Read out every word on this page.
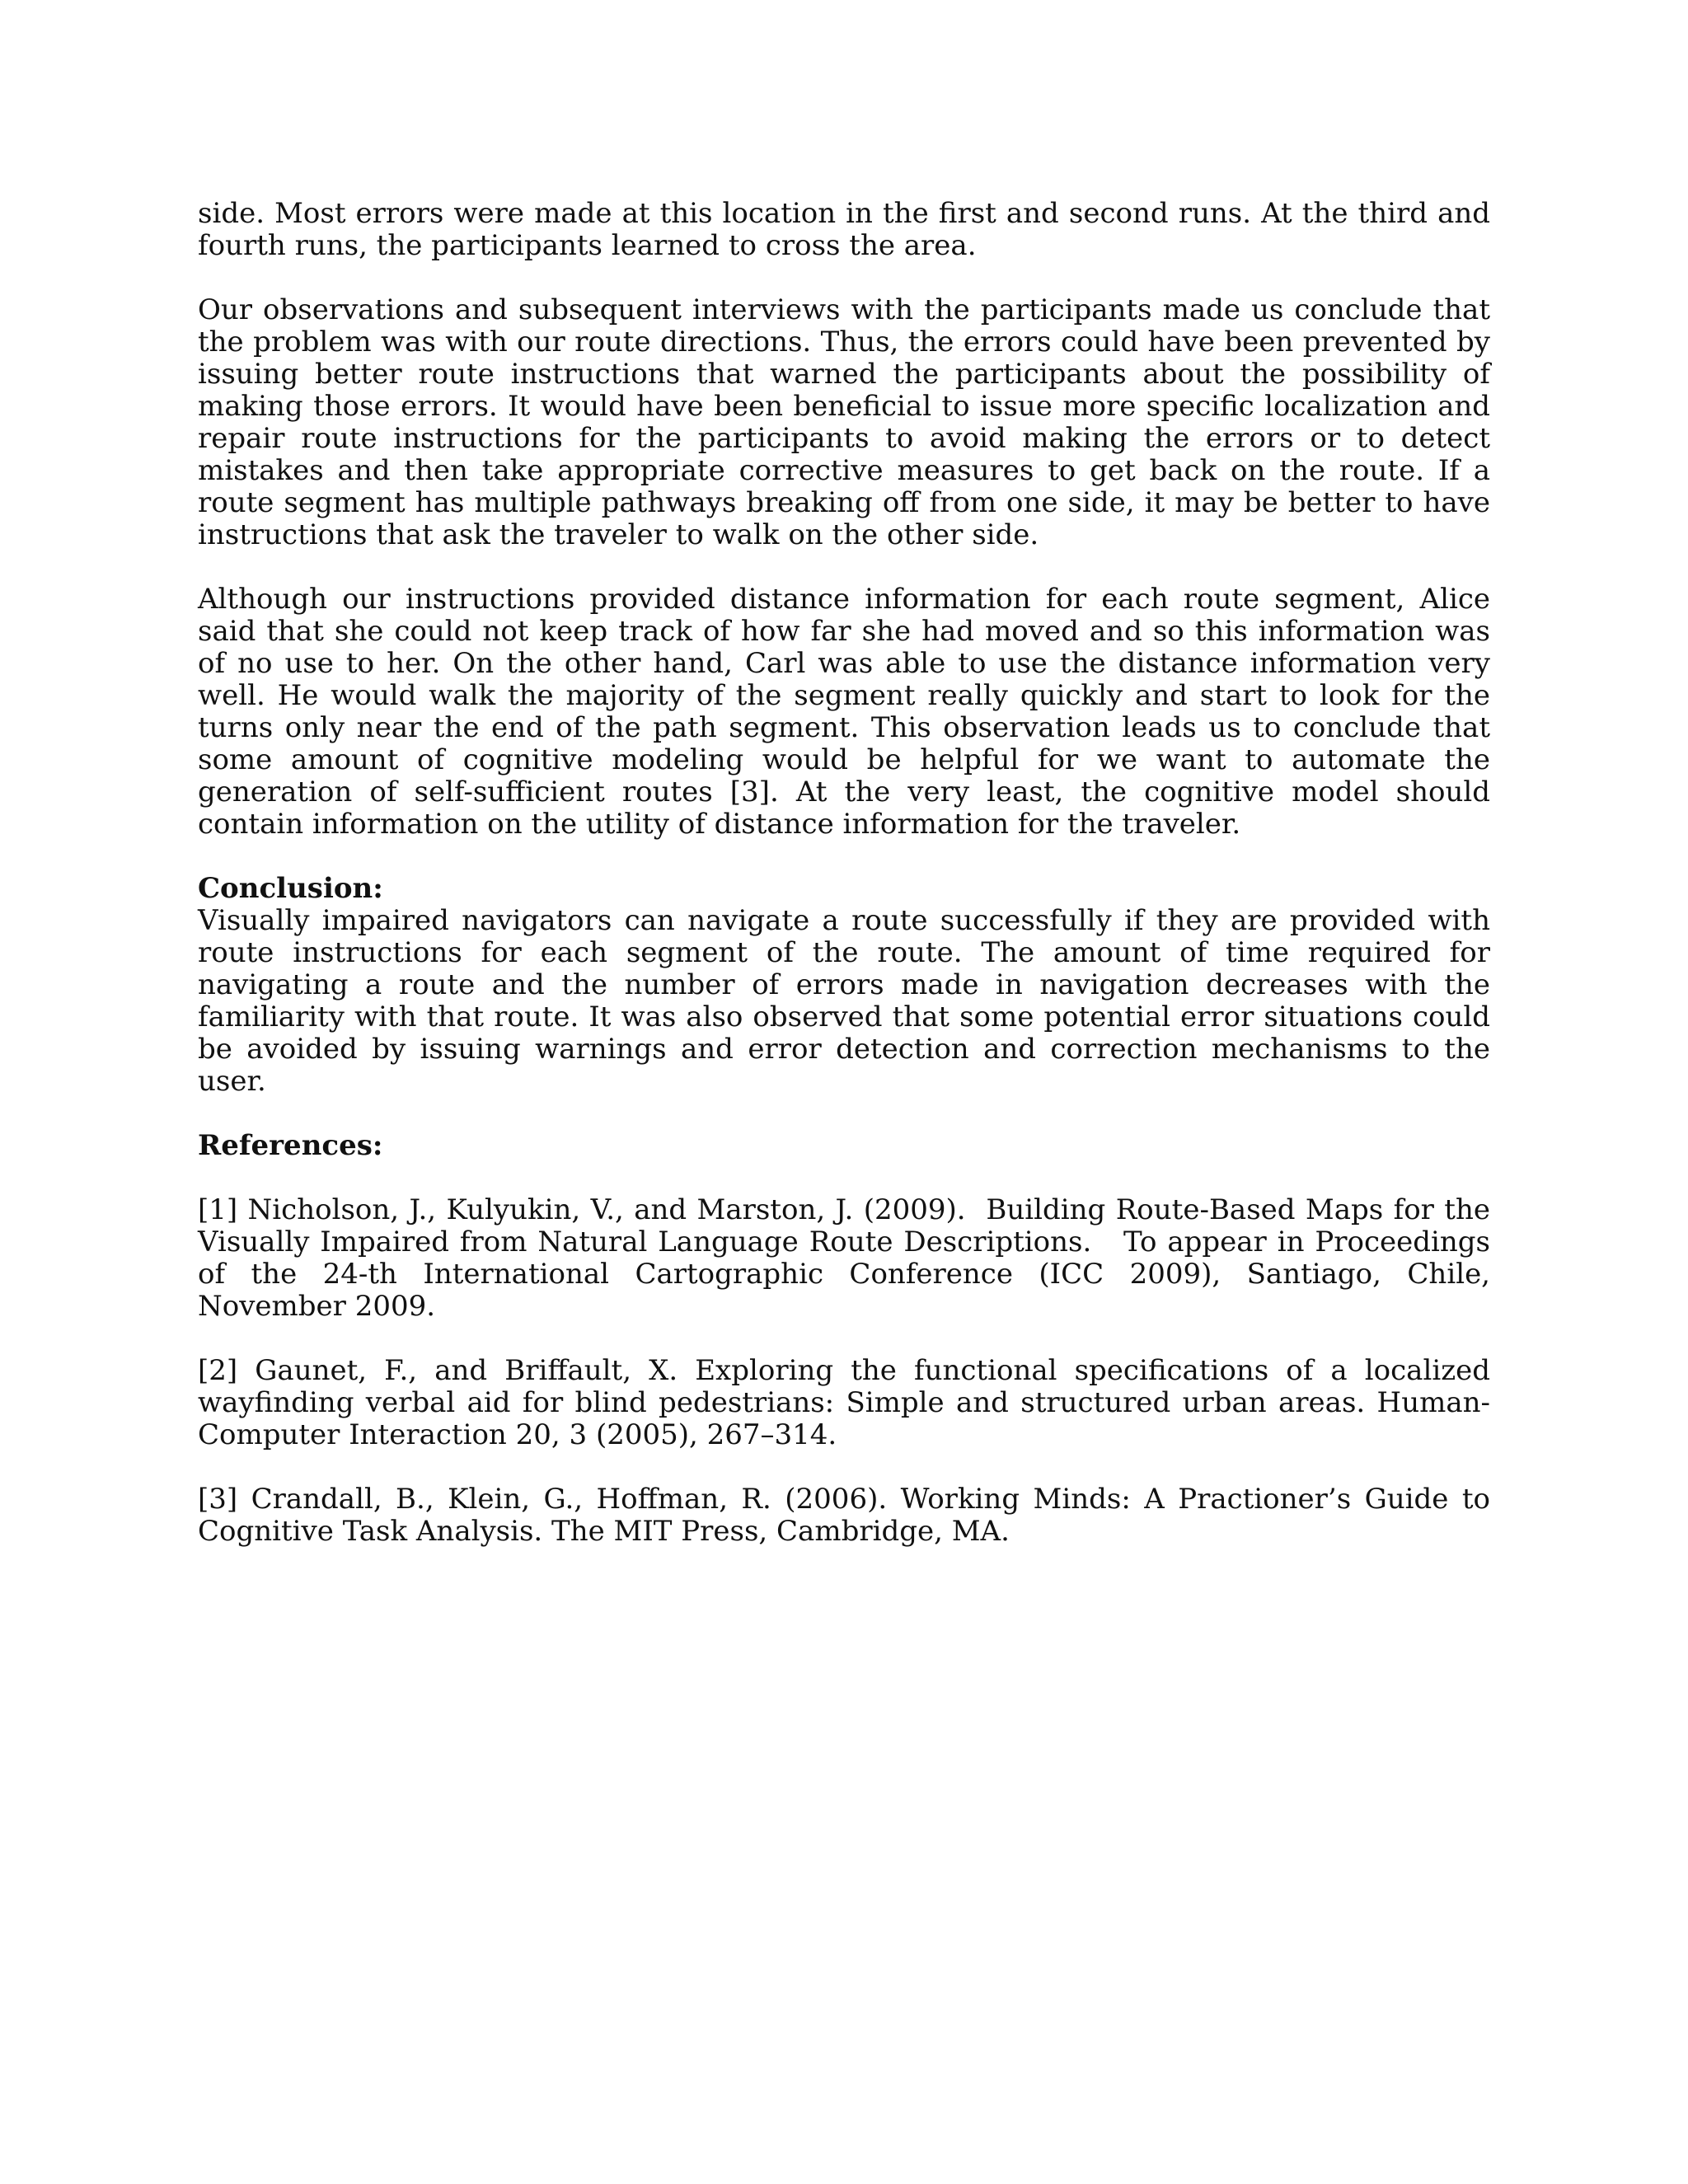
side. Most errors were made at this location in the first and second runs. At the third and fourth runs, the participants learned to cross the area.

Our observations and subsequent interviews with the participants made us conclude that the problem was with our route directions. Thus, the errors could have been prevented by issuing better route instructions that warned the participants about the possibility of making those errors. It would have been beneficial to issue more specific localization and repair route instructions for the participants to avoid making the errors or to detect mistakes and then take appropriate corrective measures to get back on the route. If a route segment has multiple pathways breaking off from one side, it may be better to have instructions that ask the traveler to walk on the other side.

Although our instructions provided distance information for each route segment, Alice said that she could not keep track of how far she had moved and so this information was of no use to her. On the other hand, Carl was able to use the distance information very well. He would walk the majority of the segment really quickly and start to look for the turns only near the end of the path segment. This observation leads us to conclude that some amount of cognitive modeling would be helpful for we want to automate the generation of self-sufficient routes [3]. At the very least, the cognitive model should contain information on the utility of distance information for the traveler.

Conclusion:

Visually impaired navigators can navigate a route successfully if they are provided with route instructions for each segment of the route. The amount of time required for navigating a route and the number of errors made in navigation decreases with the familiarity with that route. It was also observed that some potential error situations could be avoided by issuing warnings and error detection and correction mechanisms to the user.

References:

[1] Nicholson, J., Kulyukin, V., and Marston, J. (2009).  Building Route-Based Maps for the Visually Impaired from Natural Language Route Descriptions.   To appear in Proceedings of the 24-th International Cartographic Conference (ICC 2009), Santiago, Chile, November 2009.

[2] Gaunet, F., and Briffault, X. Exploring the functional specifications of a localized wayfinding verbal aid for blind pedestrians: Simple and structured urban areas. Human-Computer Interaction 20, 3 (2005), 267–314.

[3] Crandall, B., Klein, G., Hoffman, R. (2006). Working Minds: A Practioner’s Guide to Cognitive Task Analysis. The MIT Press, Cambridge, MA.
